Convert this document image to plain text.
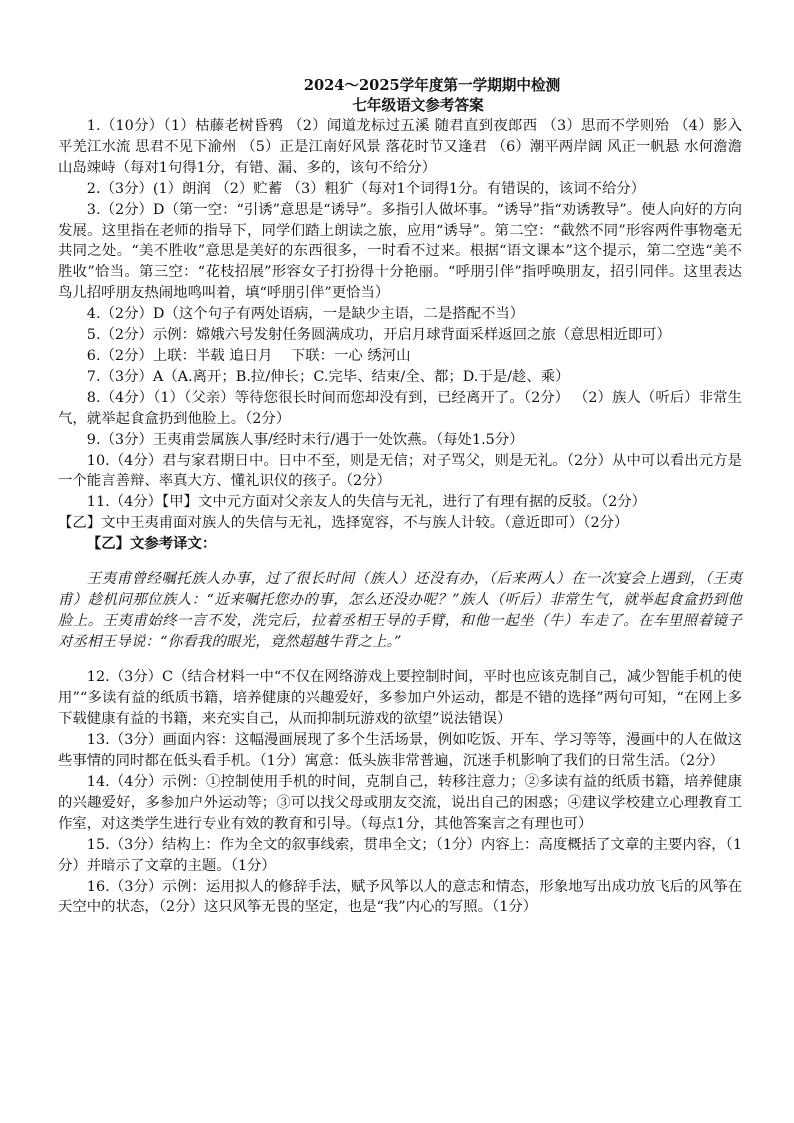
2024～2025学年度第一学期期中检测
七年级语文参考答案

1.（10分）（1）枯藤老树昏鸦 （2）闻道龙标过五溪 随君直到夜郎西 （3）思而不学则殆 （4）影入平羌江水流 思君不见下渝州 （5）正是江南好风景 落花时节又逢君 （6）潮平两岸阔 风正一帆悬 水何澹澹 山岛竦峙（每对1句得1分，有错、漏、多的，该句不给分）

2.（3分）(1）朗润 （2）贮蓄 （3）粗犷（每对1个词得1分。有错误的，该词不给分）

3.（2分）D（第一空：“引诱”意思是“诱导”。多指引人做坏事。“诱导”指“劝诱教导”。使人向好的方向发展。这里指在老师的指导下，同学们踏上朗读之旅，应用“诱导”。第二空：“截然不同”形容两件事物毫无共同之处。“美不胜收”意思是美好的东西很多，一时看不过来。根据“语文课本”这个提示，第二空选“美不胜收”恰当。第三空：“花枝招展”形容女子打扮得十分艳丽。“呼朋引伴”指呼唤朋友，招引同伴。这里表达鸟儿招呼朋友热闹地鸣叫着，填“呼朋引伴”更恰当）

4.（2分）D（这个句子有两处语病，一是缺少主语，二是搭配不当）

5.（2分）示例：嫦娥六号发射任务圆满成功，开启月球背面采样返回之旅（意思相近即可）

6.（2分）上联：半载 追日月    下联：一心 绣河山

7.（3分）A（A.离开；B.拉/伸长；C.完毕、结束/全、都；D.于是/趁、乘）

8.（4分）（1）（父亲）等待您很长时间而您却没有到，已经离开了。（2分） （2）族人（听后）非常生气，就举起食盒扔到他脸上。（2分）

9.（3分）王夷甫尝属族人事/经时未行/遇于一处饮燕。（每处1.5分）

10.（4分）君与家君期日中。日中不至，则是无信；对子骂父，则是无礼。（2分）从中可以看出元方是一个能言善辩、率真大方、懂礼识仪的孩子。（2分）

11.（4分）【甲】文中元方面对父亲友人的失信与无礼，进行了有理有据的反驳。（2分）

【乙】文中王夷甫面对族人的失信与无礼，选择宽容，不与族人计较。（意近即可）（2分）

【乙】文参考译文：

王夷甫曾经嘱托族人办事，过了很长时间（族人）还没有办，（后来两人）在一次宴会上遇到，（王夷甫）趁机问那位族人：“近来嘱托您办的事，怎么还没办呢？”族人（听后）非常生气，就举起食盒扔到他脸上。王夷甫始终一言不发，洗完后，拉着丞相王导的手臂，和他一起坐（牛）车走了。在车里照着镜子对丞相王导说：“你看我的眼光，竟然超越牛背之上。”

12.（3分）C（结合材料一中“不仅在网络游戏上要控制时间，平时也应该克制自己，减少智能手机的使用”“多读有益的纸质书籍，培养健康的兴趣爱好，多参加户外运动，都是不错的选择”两句可知，“在网上多下载健康有益的书籍，来充实自己，从而抑制玩游戏的欲望”说法错误）

13.（3分）画面内容：这幅漫画展现了多个生活场景，例如吃饭、开车、学习等等，漫画中的人在做这些事情的同时都在低头看手机。（1分）寓意：低头族非常普遍，沉迷手机影响了我们的日常生活。（2分）

14.（4分）示例：①控制使用手机的时间，克制自己，转移注意力；②多读有益的纸质书籍，培养健康的兴趣爱好，多参加户外运动等；③可以找父母或朋友交流，说出自己的困惑；④建议学校建立心理教育工作室，对这类学生进行专业有效的教育和引导。（每点1分，其他答案言之有理也可）

15.（3分）结构上：作为全文的叙事线索，贯串全文；（1分）内容上：高度概括了文章的主要内容，（1分）并暗示了文章的主题。（1分）

16.（3分）示例：运用拟人的修辞手法，赋予风筝以人的意志和情态，形象地写出成功放飞后的风筝在天空中的状态，（2分）这只风筝无畏的坚定，也是“我”内心的写照。（1分）
